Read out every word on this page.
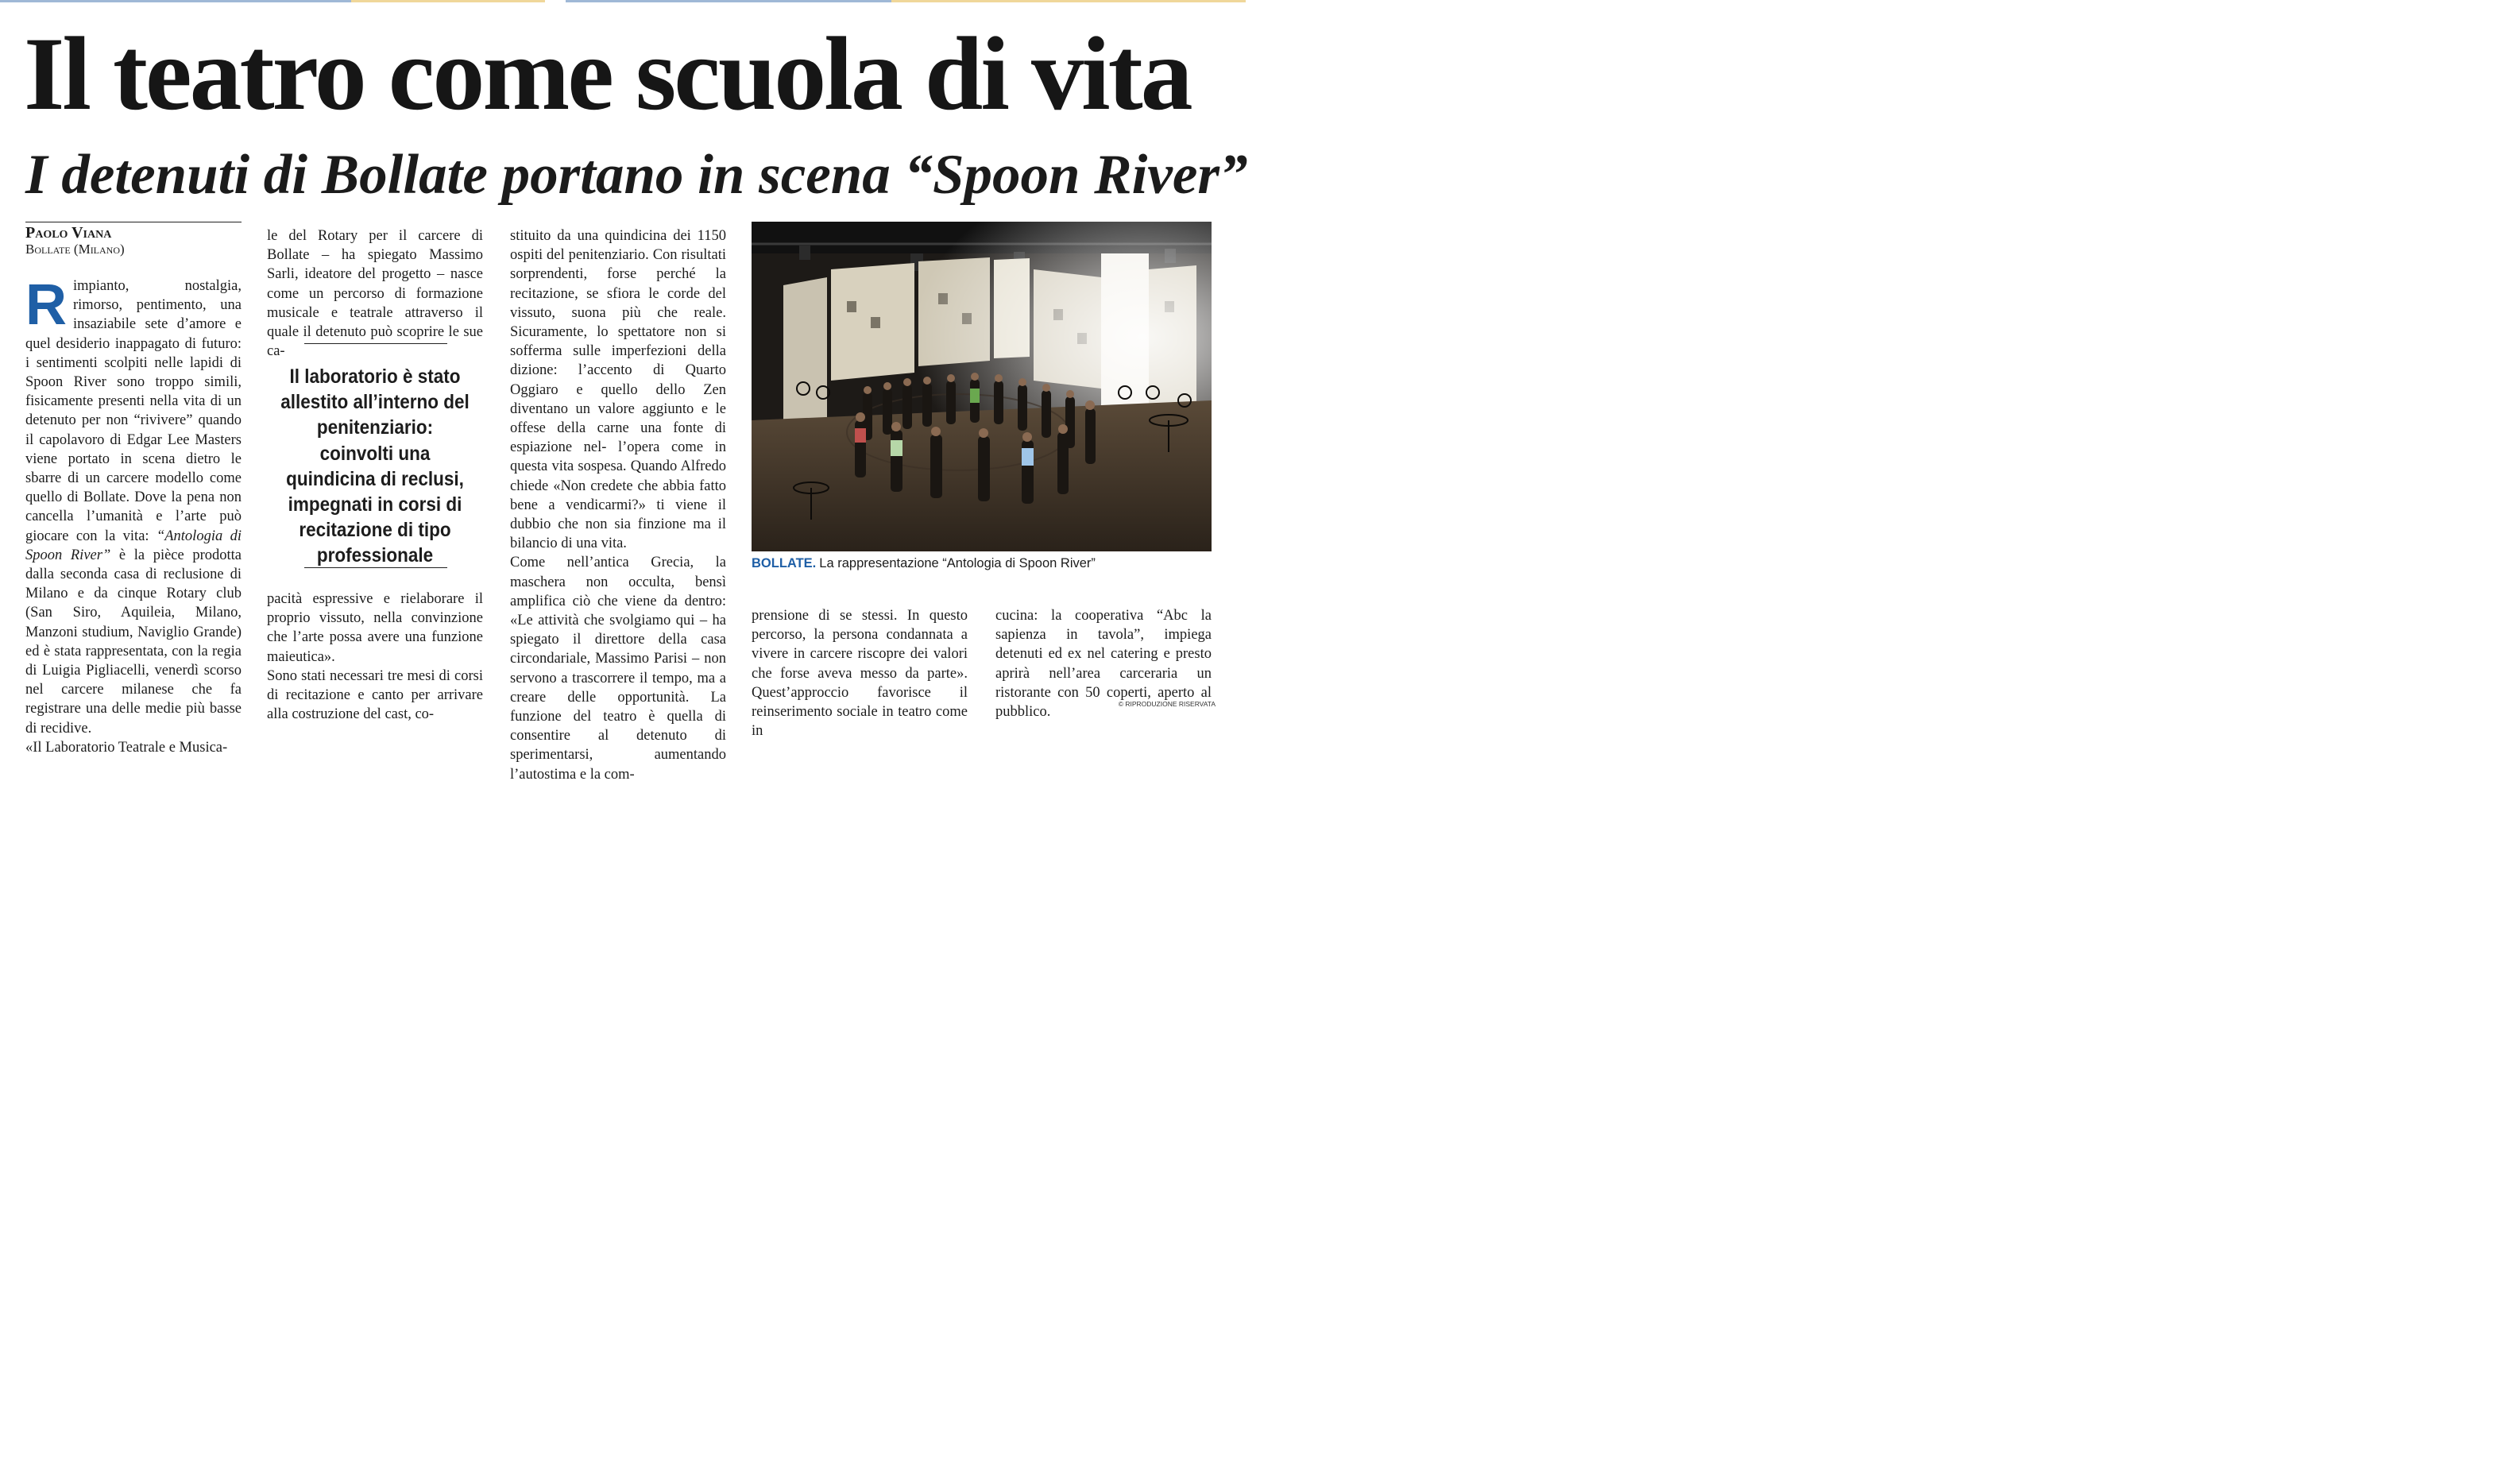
Il teatro come scuola di vita
I detenuti di Bollate portano in scena “Spoon River”
Paolo Viana
Bollate (Milano)

Rimpianto, nostalgia, rimorso, pentimento, una insaziabile sete d’amore e quel desiderio inappagato di futuro: i sentimenti scolpiti nelle lapidi di Spoon River sono troppo simili, fisicamente presenti nella vita di un detenuto per non “rivivere” quando il capolavoro di Edgar Lee Masters viene portato in scena dietro le sbarre di un carcere modello come quello di Bollate. Dove la pena non cancella l’umanità e l’arte può giocare con la vita: “Antologia di Spoon River” è la pièce prodotta dalla seconda casa di reclusione di Milano e da cinque Rotary club (San Siro, Aquileia, Milano, Manzoni studium, Naviglio Grande) ed è stata rappresentata, con la regia di Luigia Pigliacelli, venerdì scorso nel carcere milanese che fa registrare una delle medie più basse di recidive.

«Il Laboratorio Teatrale e Musica-

le del Rotary per il carcere di Bollate – ha spiegato Massimo Sarli, ideatore del progetto – nasce come un percorso di formazione musicale e teatrale attraverso il quale il detenuto può scoprire le sue ca-

Il laboratorio è stato allestito all’interno del penitenziario: coinvolti una quindicina di reclusi, impegnati in corsi di recitazione di tipo professionale

pacità espressive e rielaborare il proprio vissuto, nella convinzione che l’arte possa avere una funzione maieutica».

Sono stati necessari tre mesi di corsi di recitazione e canto per arrivare alla costruzione del cast, co-

stituito da una quindicina dei 1150 ospiti del penitenziario. Con risultati sorprendenti, forse perché la recitazione, se sfiora le corde del vissuto, suona più che reale. Sicuramente, lo spettatore non si sofferma sulle imperfezioni della dizione: l’accento di Quarto Oggiaro e quello dello Zen diventano un valore aggiunto e le offese della carne una fonte di espiazione nel- l’opera come in questa vita sospesa. Quando Alfredo chiede «Non credete che abbia fatto bene a vendicarmi?» ti viene il dubbio che non sia finzione ma il bilancio di una vita.

Come nell’antica Grecia, la maschera non occulta, bensì amplifica ciò che viene da dentro: «Le attività che svolgiamo qui – ha spiegato il direttore della casa circondariale, Massimo Parisi – non servono a trascorrere il tempo, ma a creare delle opportunità. La funzione del teatro è quella di consentire al detenuto di sperimentarsi, aumentando l’autostima e la com-

BOLLATE. La rappresentazione “Antologia di Spoon River”

prensione di se stessi. In questo percorso, la persona condannata a vivere in carcere riscopre dei valori che forse aveva messo da parte». Quest’approccio favorisce il reinserimento sociale in teatro come in

cucina: la cooperativa “Abc la sapienza in tavola”, impiega detenuti ed ex nel catering e presto aprirà nell’area carceraria un ristorante con 50 coperti, aperto al pubblico.

© RIPRODUZIONE RISERVATA
